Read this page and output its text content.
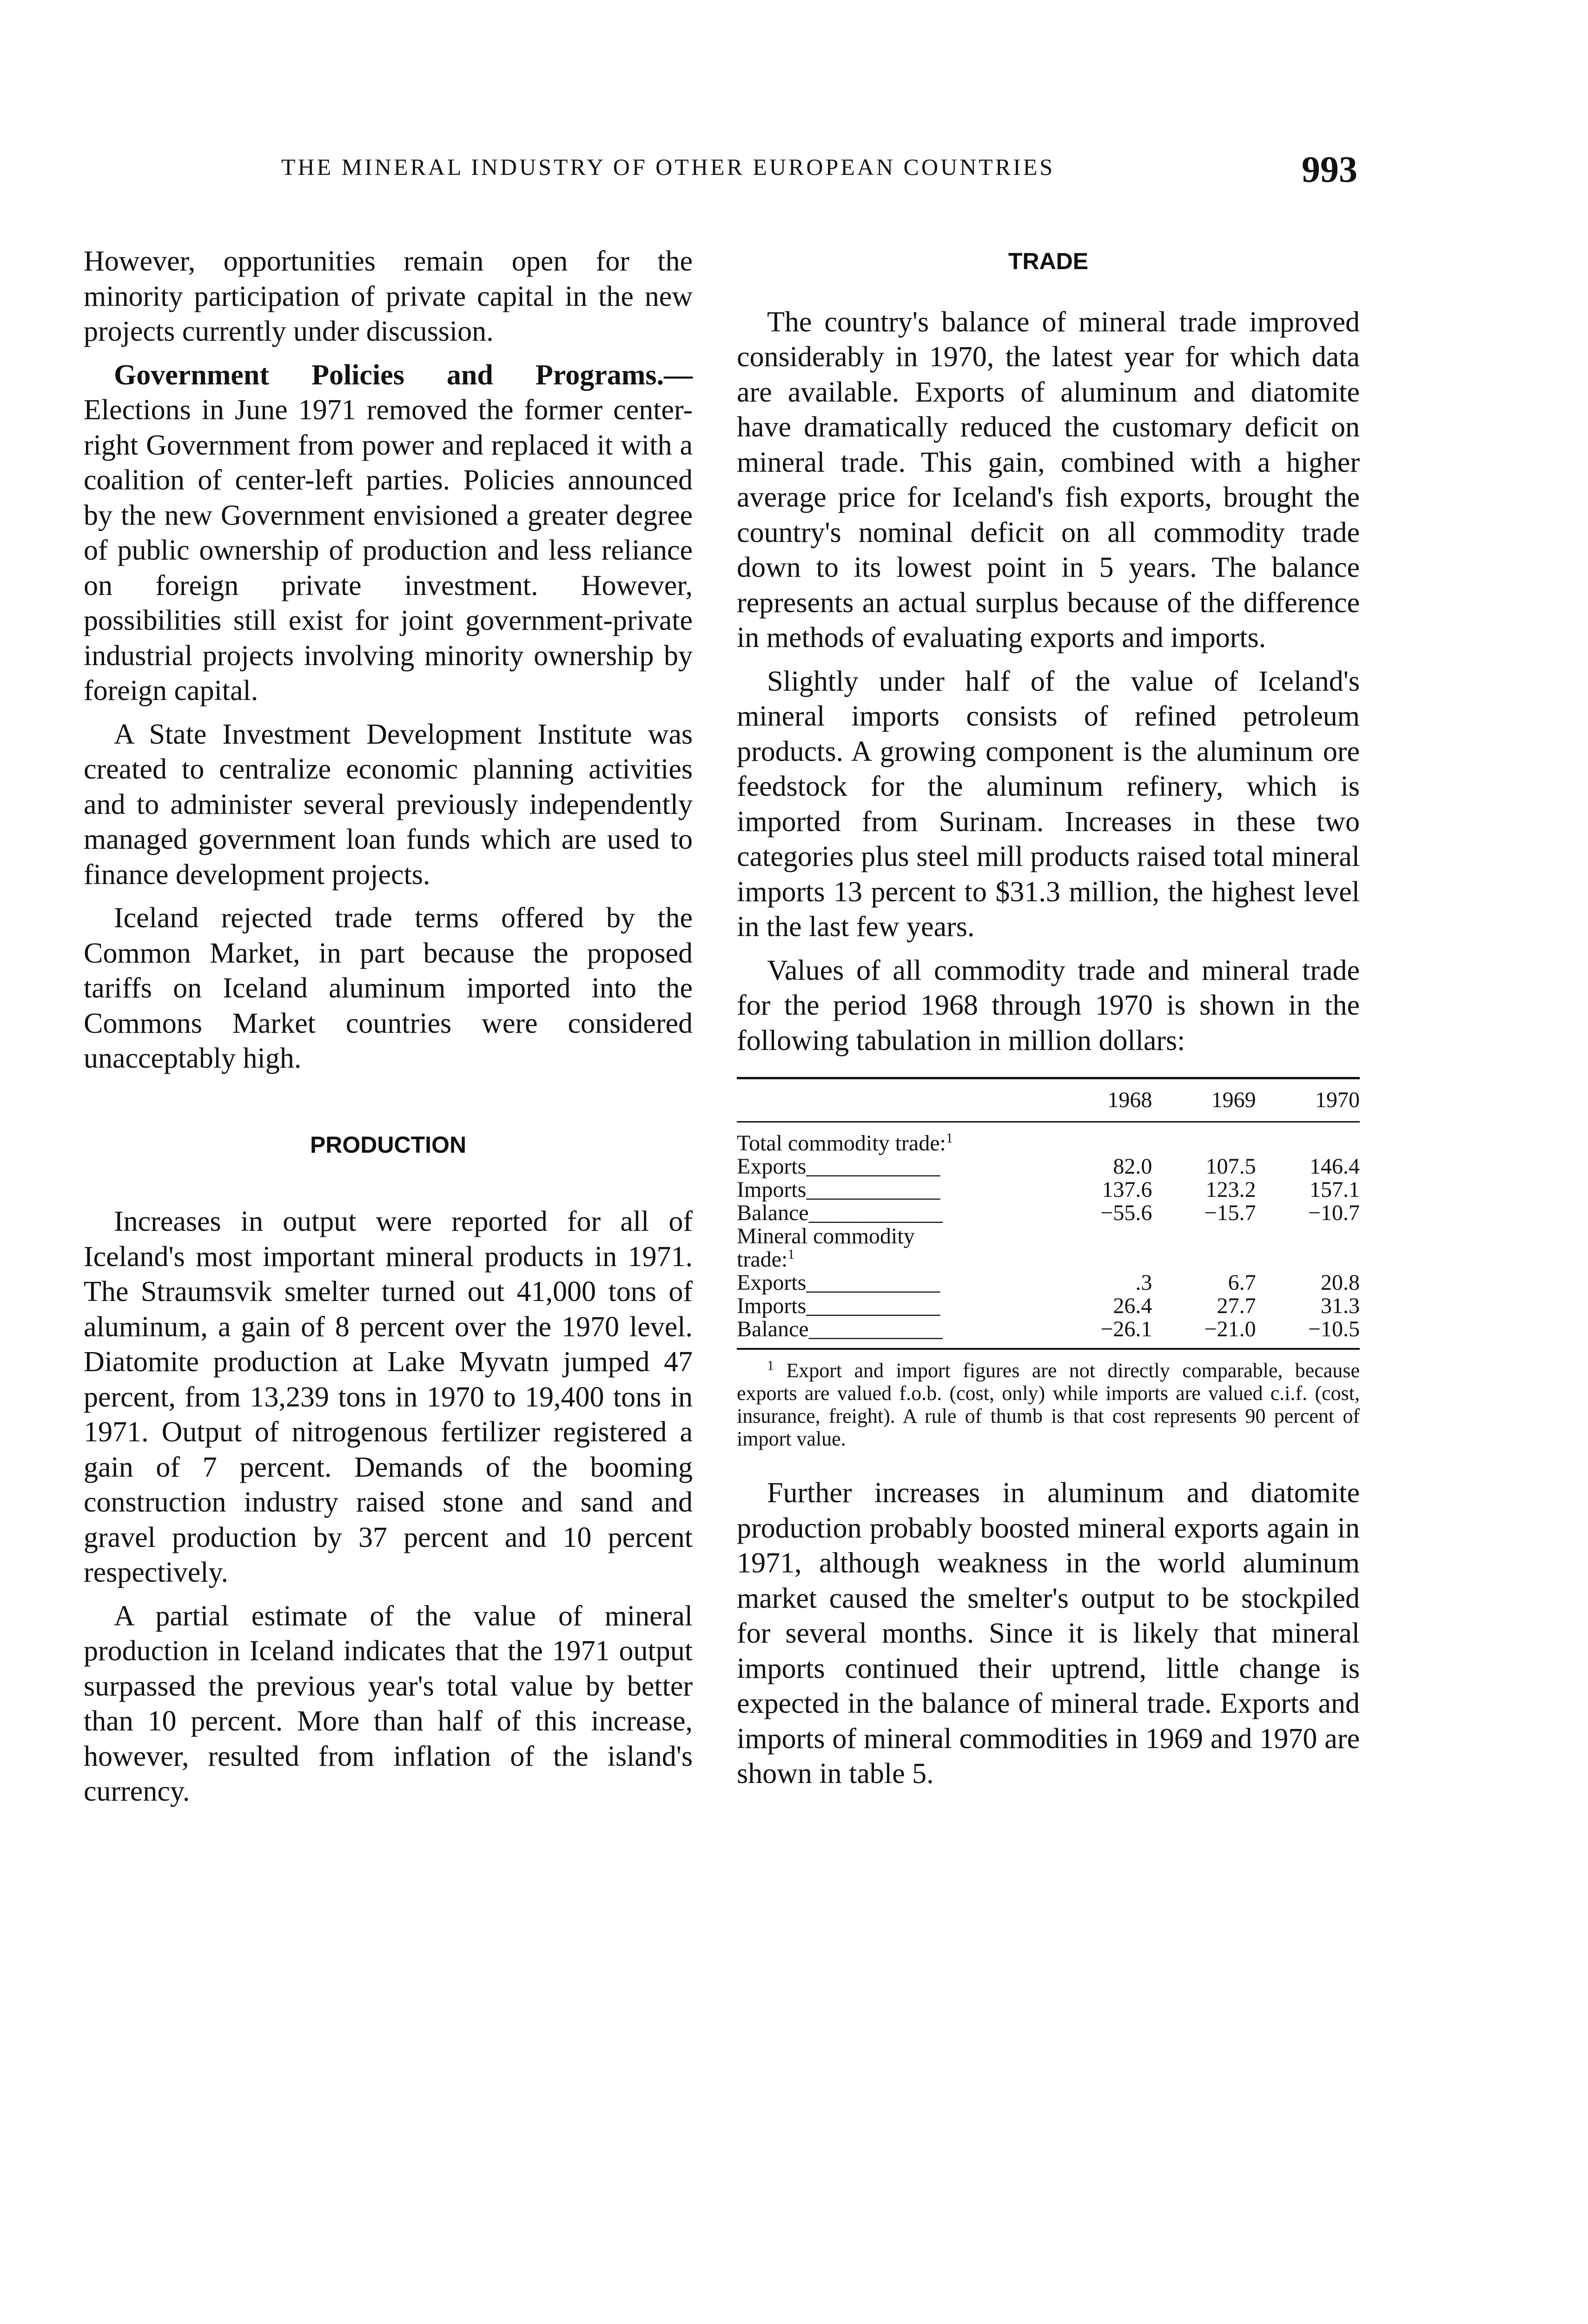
THE MINERAL INDUSTRY OF OTHER EUROPEAN COUNTRIES	993

However, opportunities remain open for the minority participation of private capital in the new projects currently under discussion.

Government Policies and Programs.— Elections in June 1971 removed the former center-right Government from power and replaced it with a coalition of center-left parties. Policies announced by the new Government envisioned a greater degree of public ownership of production and less reliance on foreign private investment. However, possibilities still exist for joint government-private industrial projects involving minority ownership by foreign capital.

A State Investment Development Institute was created to centralize economic planning activities and to administer several previously independently managed government loan funds which are used to finance development projects.

Iceland rejected trade terms offered by the Common Market, in part because the proposed tariffs on Iceland aluminum imported into the Commons Market countries were considered unacceptably high.

PRODUCTION

Increases in output were reported for all of Iceland's most important mineral products in 1971. The Straumsvik smelter turned out 41,000 tons of aluminum, a gain of 8 percent over the 1970 level. Diatomite production at Lake Myvatn jumped 47 percent, from 13,239 tons in 1970 to 19,400 tons in 1971. Output of nitrogenous fertilizer registered a gain of 7 percent. Demands of the booming construction industry raised stone and sand and gravel production by 37 percent and 10 percent respectively.

A partial estimate of the value of mineral production in Iceland indicates that the 1971 output surpassed the previous year's total value by better than 10 percent. More than half of this increase, however, resulted from inflation of the island's currency.

TRADE

The country's balance of mineral trade improved considerably in 1970, the latest year for which data are available. Exports of aluminum and diatomite have dramatically reduced the customary deficit on mineral trade. This gain, combined with a higher average price for Iceland's fish exports, brought the country's nominal deficit on all commodity trade down to its lowest point in 5 years. The balance represents an actual surplus because of the difference in methods of evaluating exports and imports.

Slightly under half of the value of Iceland's mineral imports consists of refined petroleum products. A growing component is the aluminum ore feedstock for the aluminum refinery, which is imported from Surinam. Increases in these two categories plus steel mill products raised total mineral imports 13 percent to $31.3 million, the highest level in the last few years.

Values of all commodity trade and mineral trade for the period 1968 through 1970 is shown in the following tabulation in million dollars:

	1968	1969	1970
Total commodity trade:$^1$
Exports____________	82.0	107.5	146.4
Imports____________	137.6	123.2	157.1
Balance____________	−55.6	−15.7	−10.7
Mineral commodity			
trade:$^1$
Exports____________	.3	6.7	20.8
Imports____________	26.4	27.7	31.3
Balance____________	−26.1	−21.0	−10.5

$^1$ Export and import figures are not directly comparable, because exports are valued f.o.b. (cost, only) while imports are valued c.i.f. (cost, insurance, freight). A rule of thumb is that cost represents 90 percent of import value.

Further increases in aluminum and diatomite production probably boosted mineral exports again in 1971, although weakness in the world aluminum market caused the smelter's output to be stockpiled for several months. Since it is likely that mineral imports continued their uptrend, little change is expected in the balance of mineral trade. Exports and imports of mineral commodities in 1969 and 1970 are shown in table 5.
